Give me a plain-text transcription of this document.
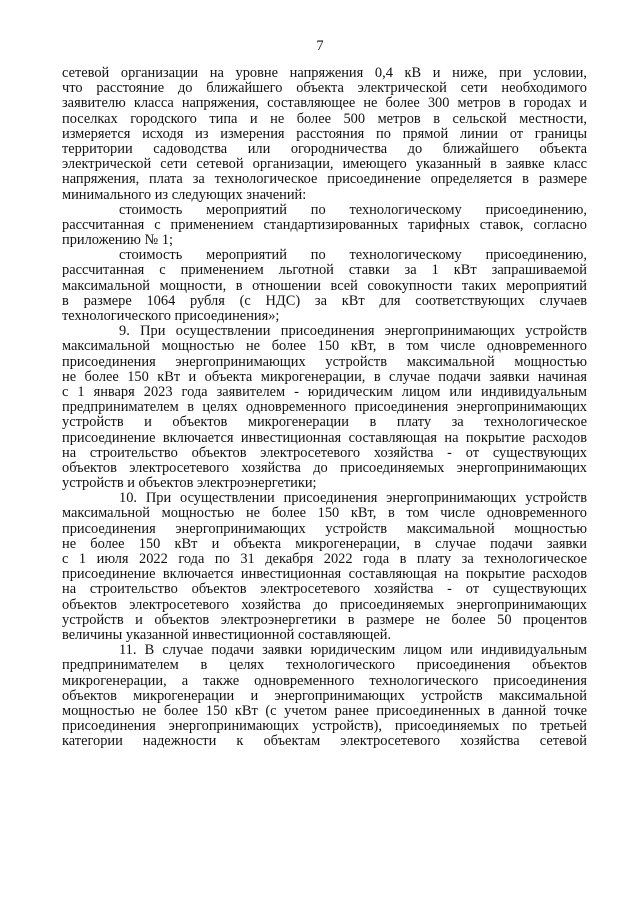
7
сетевой организации на уровне напряжения 0,4 кВ и ниже, при условии,
что расстояние до ближайшего объекта электрической сети необходимого
заявителю класса напряжения, составляющее не более 300 метров в городах и
поселках городского типа и не более 500 метров в сельской местности,
измеряется исходя из измерения расстояния по прямой линии от границы
территории садоводства или огородничества до ближайшего объекта
электрической сети сетевой организации, имеющего указанный в заявке класс
напряжения, плата за технологическое присоединение определяется в размере
минимального из следующих значений:
стоимость мероприятий по технологическому присоединению,
рассчитанная с применением стандартизированных тарифных ставок, согласно
приложению № 1;
стоимость мероприятий по технологическому присоединению,
рассчитанная с применением льготной ставки за 1 кВт запрашиваемой
максимальной мощности, в отношении всей совокупности таких мероприятий
в размере 1064 рубля (с НДС) за кВт для соответствующих случаев
технологического присоединения»;
9. При осуществлении присоединения энергопринимающих устройств
максимальной мощностью не более 150 кВт, в том числе одновременного
присоединения энергопринимающих устройств максимальной мощностью
не более 150 кВт и объекта микрогенерации, в случае подачи заявки начиная
с 1 января 2023 года заявителем - юридическим лицом или индивидуальным
предпринимателем в целях одновременного присоединения энергопринимающих
устройств и объектов микрогенерации в плату за технологическое
присоединение включается инвестиционная составляющая на покрытие расходов
на строительство объектов электросетевого хозяйства - от существующих
объектов электросетевого хозяйства до присоединяемых энергопринимающих
устройств и объектов электроэнергетики;
10. При осуществлении присоединения энергопринимающих устройств
максимальной мощностью не более 150 кВт, в том числе одновременного
присоединения энергопринимающих устройств максимальной мощностью
не более 150 кВт и объекта микрогенерации, в случае подачи заявки
с 1 июля 2022 года по 31 декабря 2022 года в плату за технологическое
присоединение включается инвестиционная составляющая на покрытие расходов
на строительство объектов электросетевого хозяйства - от существующих
объектов электросетевого хозяйства до присоединяемых энергопринимающих
устройств и объектов электроэнергетики в размере не более 50 процентов
величины указанной инвестиционной составляющей.
11. В случае подачи заявки юридическим лицом или индивидуальным
предпринимателем в целях технологического присоединения объектов
микрогенерации, а также одновременного технологического присоединения
объектов микрогенерации и энергопринимающих устройств максимальной
мощностью не более 150 кВт (с учетом ранее присоединенных в данной точке
присоединения энергопринимающих устройств), присоединяемых по третьей
категории надежности к объектам электросетевого хозяйства сетевой
